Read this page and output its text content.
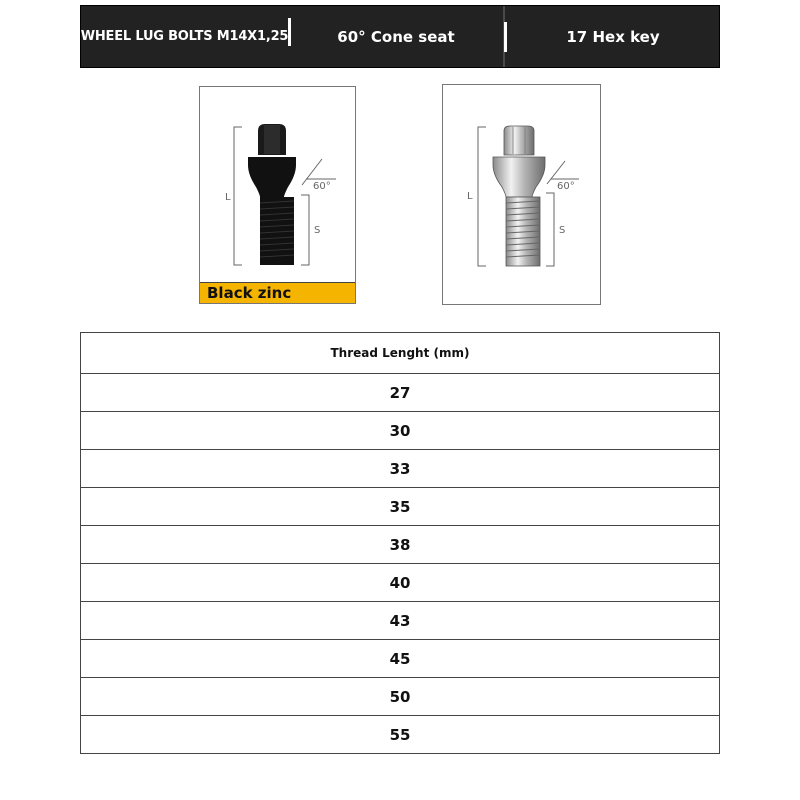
WHEEL LUG BOLTS M14X1,25	60° Cone seat	17 Hex key
L
S
60°
Black zinc
L
S
60°
Thread Lenght (mm)
27
30
33
35
38
40
43
45
50
55
